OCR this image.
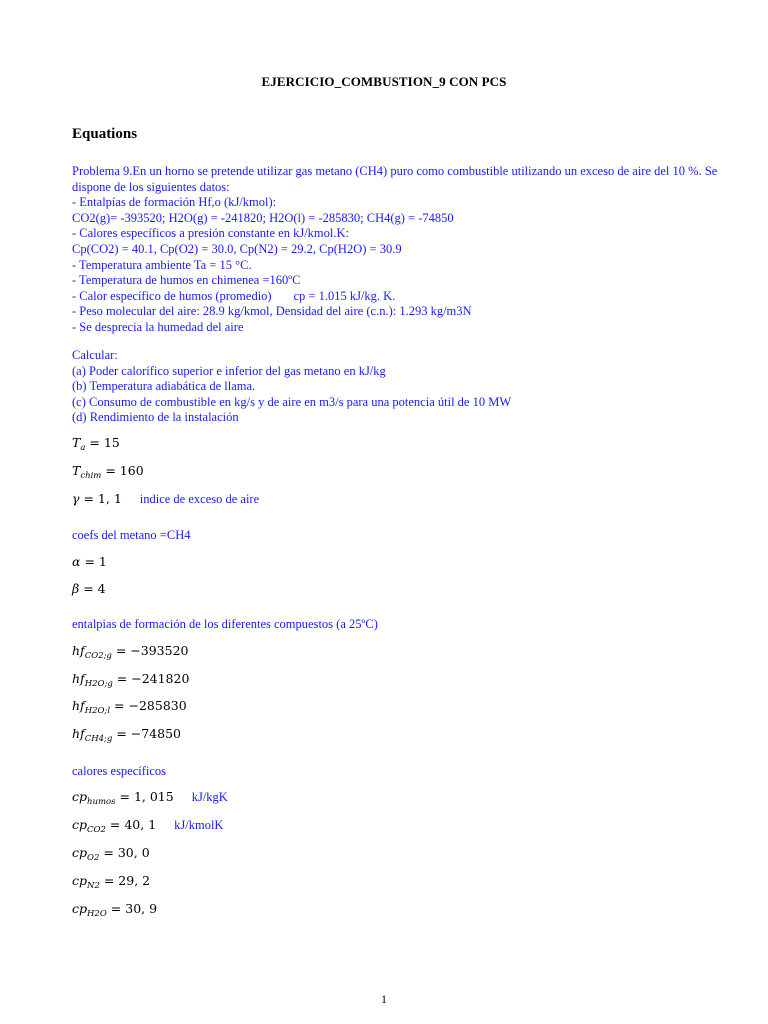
EJERCICIO_COMBUSTION_9 CON PCS
Equations
Problema 9.En un horno se pretende utilizar gas metano (CH4) puro como combustible utilizando un exceso de aire del 10 %. Se dispone de los siguientes datos:
- Entalpías de formación Hf,o (kJ/kmol):
CO2(g)= -393520; H2O(g) = -241820; H2O(l) = -285830; CH4(g) = -74850
- Calores específicos a presión constante en kJ/kmol.K:
Cp(CO2) = 40.1, Cp(O2) = 30.0, Cp(N2) = 29.2, Cp(H2O) = 30.9
- Temperatura ambiente Ta = 15 °C.
- Temperatura de humos en chimenea =160ºC
- Calor específico de humos (promedio)       cp = 1.015 kJ/kg. K.
- Peso molecular del aire: 28.9 kg/kmol, Densidad del aire (c.n.): 1.293 kg/m3N
- Se desprecia la humedad del aire
Calcular:
(a) Poder calorífico superior e inferior del gas metano en kJ/kg
(b) Temperatura adiabática de llama.
(c) Consumo de combustible en kg/s y de aire en m3/s para una potencia útil de 10 MW
(d) Rendimiento de la instalación
$T_a = 15$
$T_{chim} = 160$
γ = 1, 1 indice de exceso de aire
coefs del metano =CH4
α = 1
β = 4
entalpias de formación de los diferentes compuestos (a 25ºC)
$hf_{CO2;g} = -393520$
$hf_{H2O;g} = -241820$
$hf_{H2O;l} = -285830$
$hf_{CH4;g} = -74850$
calores específicos
$cp_{humos} = 1$, 015 kJ/kgK
$cp_{CO2} = 40$, 1 kJ/kmolK
$cp_{O2} = 30$, 0
$cp_{N2} = 29$, 2
$cp_{H2O} = 30$, 9
1
